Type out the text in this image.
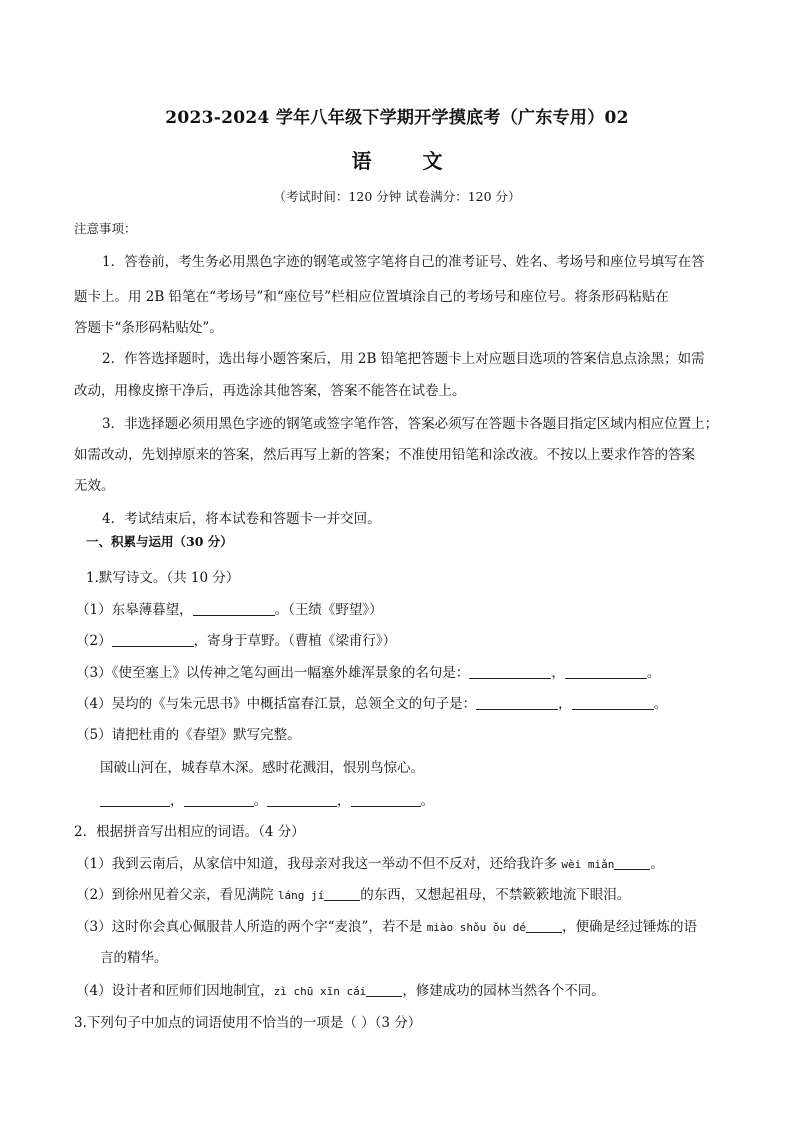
2023-2024 学年八年级下学期开学摸底考（广东专用）02
语 文
（考试时间：120 分钟 试卷满分：120 分）
注意事项：
1．答卷前，考生务必用黑色字迹的钢笔或签字笔将自己的准考证号、姓名、考场号和座位号填写在答
题卡上。用 2B 铅笔在“考场号”和“座位号”栏相应位置填涂自己的考场号和座位号。将条形码粘贴在
答题卡“条形码粘贴处”。
2．作答选择题时，选出每小题答案后，用 2B 铅笔把答题卡上对应题目选项的答案信息点涂黑；如需
改动，用橡皮擦干净后，再选涂其他答案，答案不能答在试卷上。
3．非选择题必须用黑色字迹的钢笔或签字笔作答，答案必须写在答题卡各题目指定区域内相应位置上；
如需改动，先划掉原来的答案，然后再写上新的答案；不准使用铅笔和涂改液。不按以上要求作答的答案
无效。
4．考试结束后，将本试卷和答题卡一并交回。
一、积累与运用（30 分）
1.默写诗文。（共 10 分）
（1）东皋薄暮望，	。（王绩《野望》）
（2）	，寄身于草野。（曹植《梁甫行》）
（3）《使至塞上》以传神之笔勾画出一幅塞外雄浑景象的名句是：	，	。
（4）吴均的《与朱元思书》中概括富春江景，总领全文的句子是：	，	。
（5）请把杜甫的《春望》默写完整。
国破山河在，城春草木深。感时花溅泪，恨别鸟惊心。
，	。	，	。
2．根据拼音写出相应的词语。（4 分）
（1）我到云南后，从家信中知道，我母亲对我这一举动不但不反对，还给我许多 wèi miǎn	。
（2）到徐州见着父亲，看见满院 láng jí	的东西，又想起祖母，不禁簌簌地流下眼泪。
（3）这时你会真心佩服昔人所造的两个字“麦浪”，若不是 miào shǒu ǒu dé	，便确是经过锤炼的语
言的精华。
（4）设计者和匠师们因地制宜，zì chū xīn cái	，修建成功的园林当然各个不同。
3.下列句子中加点的词语使用不恰当的一项是（ ）（3 分）
